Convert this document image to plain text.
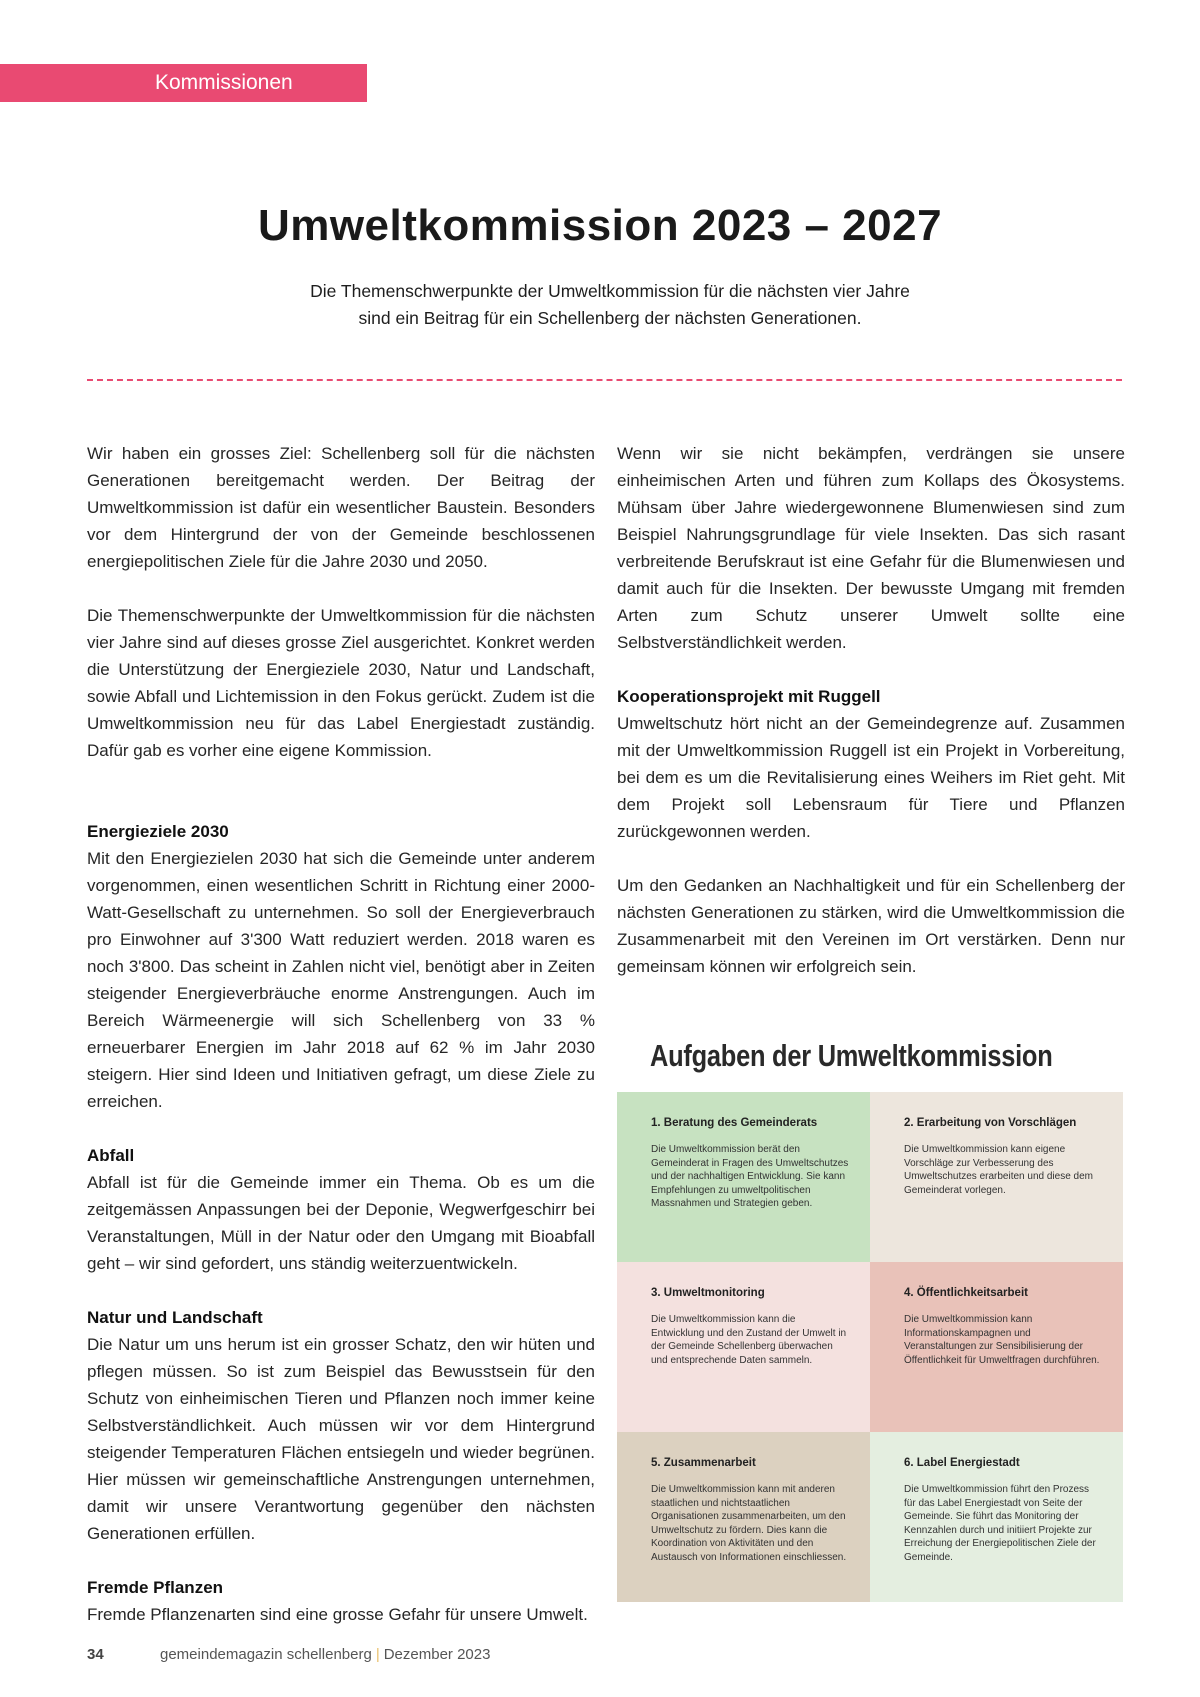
Kommissionen
Umweltkommission 2023 – 2027
Die Themenschwerpunkte der Umweltkommission für die nächsten vier Jahre
sind ein Beitrag für ein Schellenberg der nächsten Generationen.

Wir haben ein grosses Ziel: Schellenberg soll für die nächsten Generationen bereitgemacht werden. Der Beitrag der Umweltkommission ist dafür ein wesentlicher Baustein. Besonders vor dem Hintergrund der von der Gemeinde beschlossenen energiepolitischen Ziele für die Jahre 2030 und 2050.

Die Themenschwerpunkte der Umweltkommission für die nächsten vier Jahre sind auf dieses grosse Ziel ausgerichtet. Konkret werden die Unterstützung der Energieziele 2030, Natur und Landschaft, sowie Abfall und Lichtemission in den Fokus gerückt. Zudem ist die Umweltkommission neu für das Label Energiestadt zuständig. Dafür gab es vorher eine eigene Kommission.

Energieziele 2030

Mit den Energiezielen 2030 hat sich die Gemeinde unter anderem vorgenommen, einen wesentlichen Schritt in Richtung einer 2000-Watt-Gesellschaft zu unternehmen. So soll der Energieverbrauch pro Einwohner auf 3'300 Watt reduziert werden. 2018 waren es noch 3'800. Das scheint in Zahlen nicht viel, benötigt aber in Zeiten steigender Energieverbräuche enorme Anstrengungen. Auch im Bereich Wärmeenergie will sich Schellenberg von 33 % erneuerbarer Energien im Jahr 2018 auf 62 % im Jahr 2030 steigern. Hier sind Ideen und Initiativen gefragt, um diese Ziele zu erreichen.

Abfall

Abfall ist für die Gemeinde immer ein Thema. Ob es um die zeitgemässen Anpassungen bei der Deponie, Wegwerfgeschirr bei Veranstaltungen, Müll in der Natur oder den Umgang mit Bioabfall geht – wir sind gefordert, uns ständig weiterzuentwickeln.

Natur und Landschaft

Die Natur um uns herum ist ein grosser Schatz, den wir hüten und pflegen müssen. So ist zum Beispiel das Bewusstsein für den Schutz von einheimischen Tieren und Pflanzen noch immer keine Selbstverständlichkeit. Auch müssen wir vor dem Hintergrund steigender Temperaturen Flächen entsiegeln und wieder begrünen. Hier müssen wir gemeinschaftliche Anstrengungen unternehmen, damit wir unsere Verantwortung gegenüber den nächsten Generationen erfüllen.

Fremde Pflanzen

Fremde Pflanzenarten sind eine grosse Gefahr für unsere Umwelt.

Wenn wir sie nicht bekämpfen, verdrängen sie unsere einheimischen Arten und führen zum Kollaps des Ökosystems. Mühsam über Jahre wiedergewonnene Blumenwiesen sind zum Beispiel Nahrungsgrundlage für viele Insekten. Das sich rasant verbreitende Berufskraut ist eine Gefahr für die Blumenwiesen und damit auch für die Insekten. Der bewusste Umgang mit fremden Arten zum Schutz unserer Umwelt sollte eine Selbstverständlichkeit werden.

Kooperationsprojekt mit Ruggell

Umweltschutz hört nicht an der Gemeindegrenze auf. Zusammen mit der Umweltkommission Ruggell ist ein Projekt in Vorbereitung, bei dem es um die Revitalisierung eines Weihers im Riet geht. Mit dem Projekt soll Lebensraum für Tiere und Pflanzen zurückgewonnen werden.

Um den Gedanken an Nachhaltigkeit und für ein Schellenberg der nächsten Generationen zu stärken, wird die Umweltkommission die Zusammenarbeit mit den Vereinen im Ort verstärken. Denn nur gemeinsam können wir erfolgreich sein.

Aufgaben der Umweltkommission
1. Beratung des Gemeinderats

Die Umweltkommission berät den Gemeinderat in Fragen des Umweltschutzes und der nachhaltigen Entwicklung. Sie kann Empfehlungen zu umweltpolitischen Massnahmen und Strategien geben.

2. Erarbeitung von Vorschlägen

Die Umweltkommission kann eigene Vorschläge zur Verbesserung des Umweltschutzes erarbeiten und diese dem Gemeinderat vorlegen.

3. Umweltmonitoring

Die Umweltkommission kann die Entwicklung und den Zustand der Umwelt in der Gemeinde Schellenberg überwachen und entsprechende Daten sammeln.

4. Öffentlichkeitsarbeit

Die Umweltkommission kann Informationskampagnen und Veranstaltungen zur Sensibilisierung der Öffentlichkeit für Umweltfragen durchführen.

5. Zusammenarbeit

Die Umweltkommission kann mit anderen staatlichen und nichtstaatlichen Organisationen zusammenarbeiten, um den Umweltschutz zu fördern. Dies kann die Koordination von Aktivitäten und den Austausch von Informationen einschliessen.

6. Label Energiestadt

Die Umweltkommission führt den Prozess für das Label Energiestadt von Seite der Gemeinde. Sie führt das Monitoring der Kennzahlen durch und initiiert Projekte zur Erreichung der Energiepolitischen Ziele der Gemeinde.

34	gemeindemagazin schellenberg | Dezember 2023
